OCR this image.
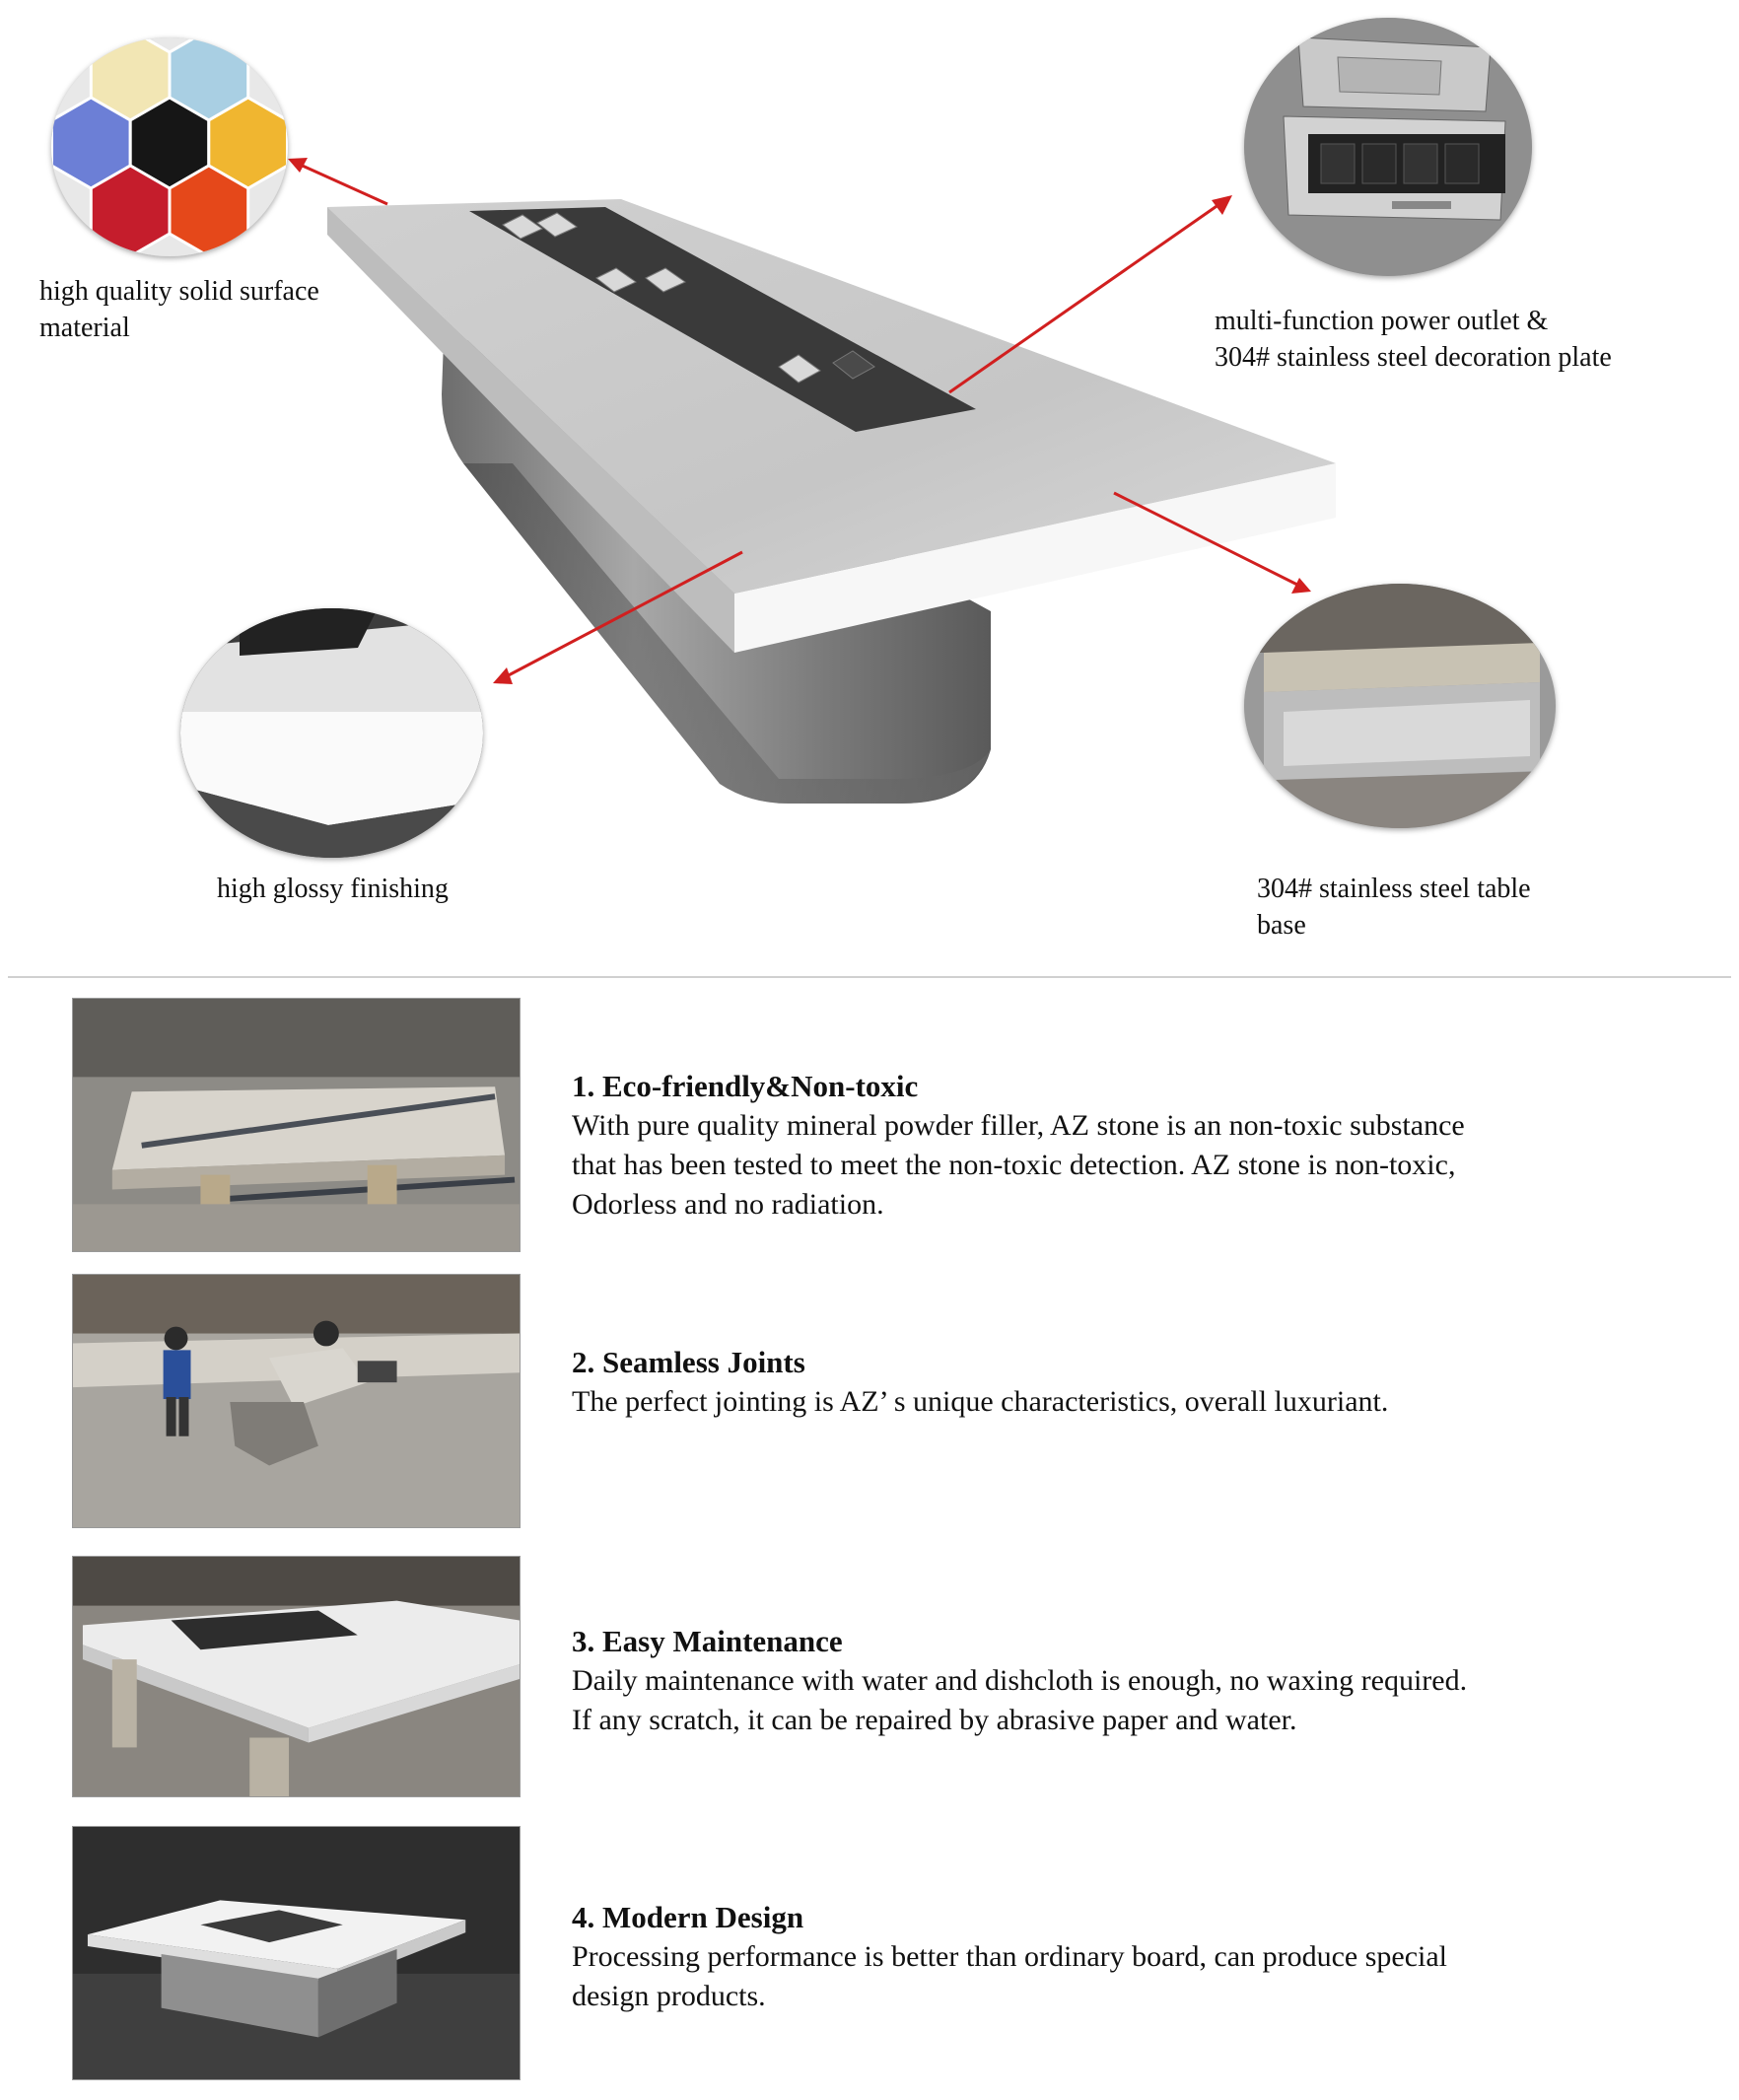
high quality solid surface
material	multi-function power outlet &
304# stainless steel decoration plate
high glossy finishing	304# stainless steel table
base

1. Eco-friendly&Non-toxic

With pure quality mineral powder filler, AZ stone is an non-toxic substance
that has been tested to meet the non-toxic detection. AZ stone is non-toxic,
Odorless and no radiation.

2. Seamless Joints

The perfect jointing is AZ’ s unique characteristics, overall luxuriant.

3. Easy Maintenance

Daily maintenance with water and dishcloth is enough, no waxing required.
If any scratch, it can be repaired by abrasive paper and water.

4. Modern Design

Processing performance is better than ordinary board, can produce special
design products.
